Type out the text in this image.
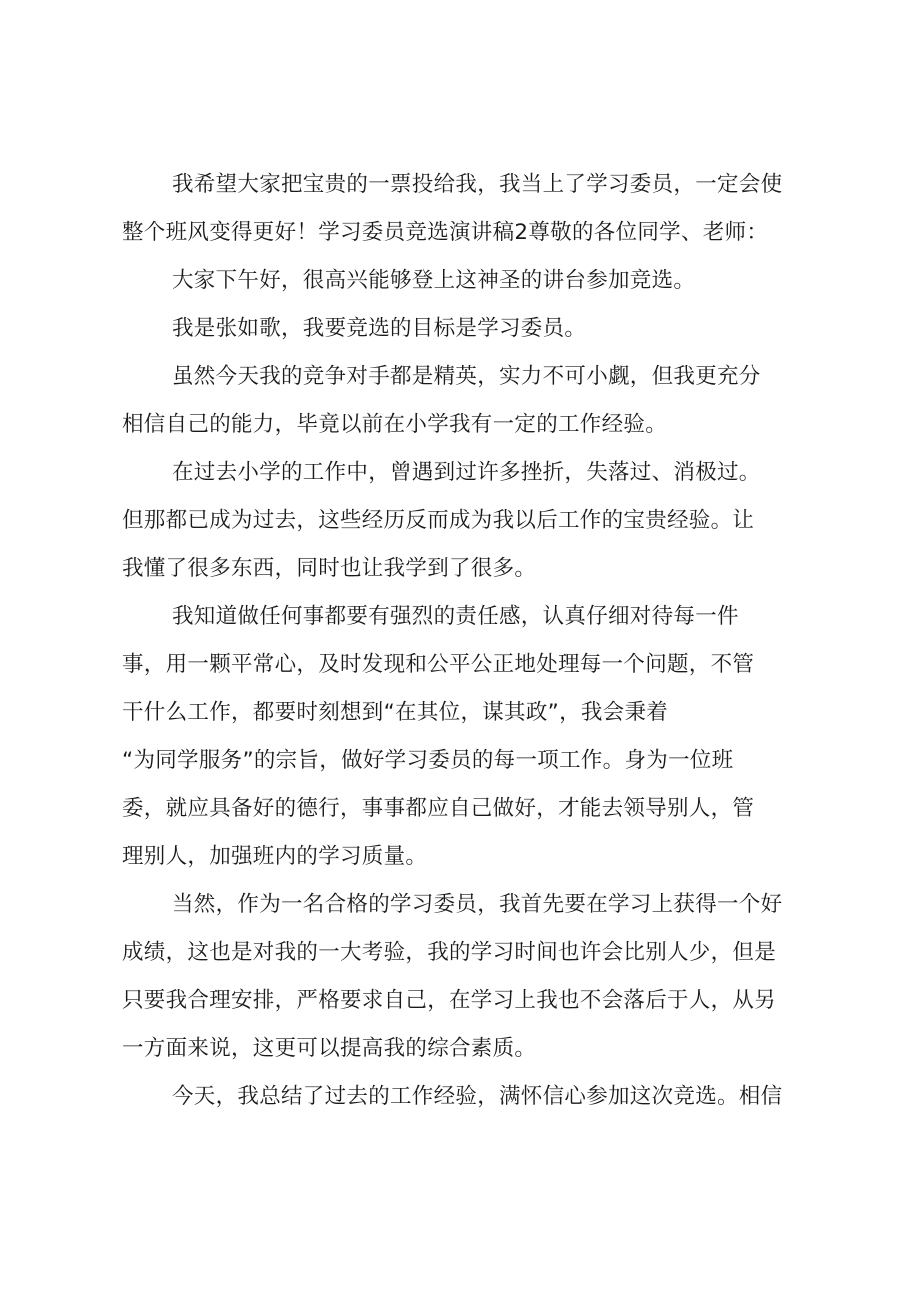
我希望大家把宝贵的一票投给我，我当上了学习委员，一定会使
整个班风变得更好！学习委员竞选演讲稿2尊敬的各位同学、老师：
大家下午好，很高兴能够登上这神圣的讲台参加竞选。
我是张如歌，我要竞选的目标是学习委员。
虽然今天我的竞争对手都是精英，实力不可小觑，但我更充分
相信自己的能力，毕竟以前在小学我有一定的工作经验。
在过去小学的工作中，曾遇到过许多挫折，失落过、消极过。
但那都已成为过去，这些经历反而成为我以后工作的宝贵经验。让
我懂了很多东西，同时也让我学到了很多。
我知道做任何事都要有强烈的责任感，认真仔细对待每一件
事，用一颗平常心，及时发现和公平公正地处理每一个问题，不管
干什么工作，都要时刻想到“在其位，谋其政”，我会秉着
“为同学服务”的宗旨，做好学习委员的每一项工作。身为一位班
委，就应具备好的德行，事事都应自己做好，才能去领导别人，管
理别人，加强班内的学习质量。
当然，作为一名合格的学习委员，我首先要在学习上获得一个好
成绩，这也是对我的一大考验，我的学习时间也许会比别人少，但是
只要我合理安排，严格要求自己，在学习上我也不会落后于人，从另
一方面来说，这更可以提高我的综合素质。
今天，我总结了过去的工作经验，满怀信心参加这次竞选。相信
